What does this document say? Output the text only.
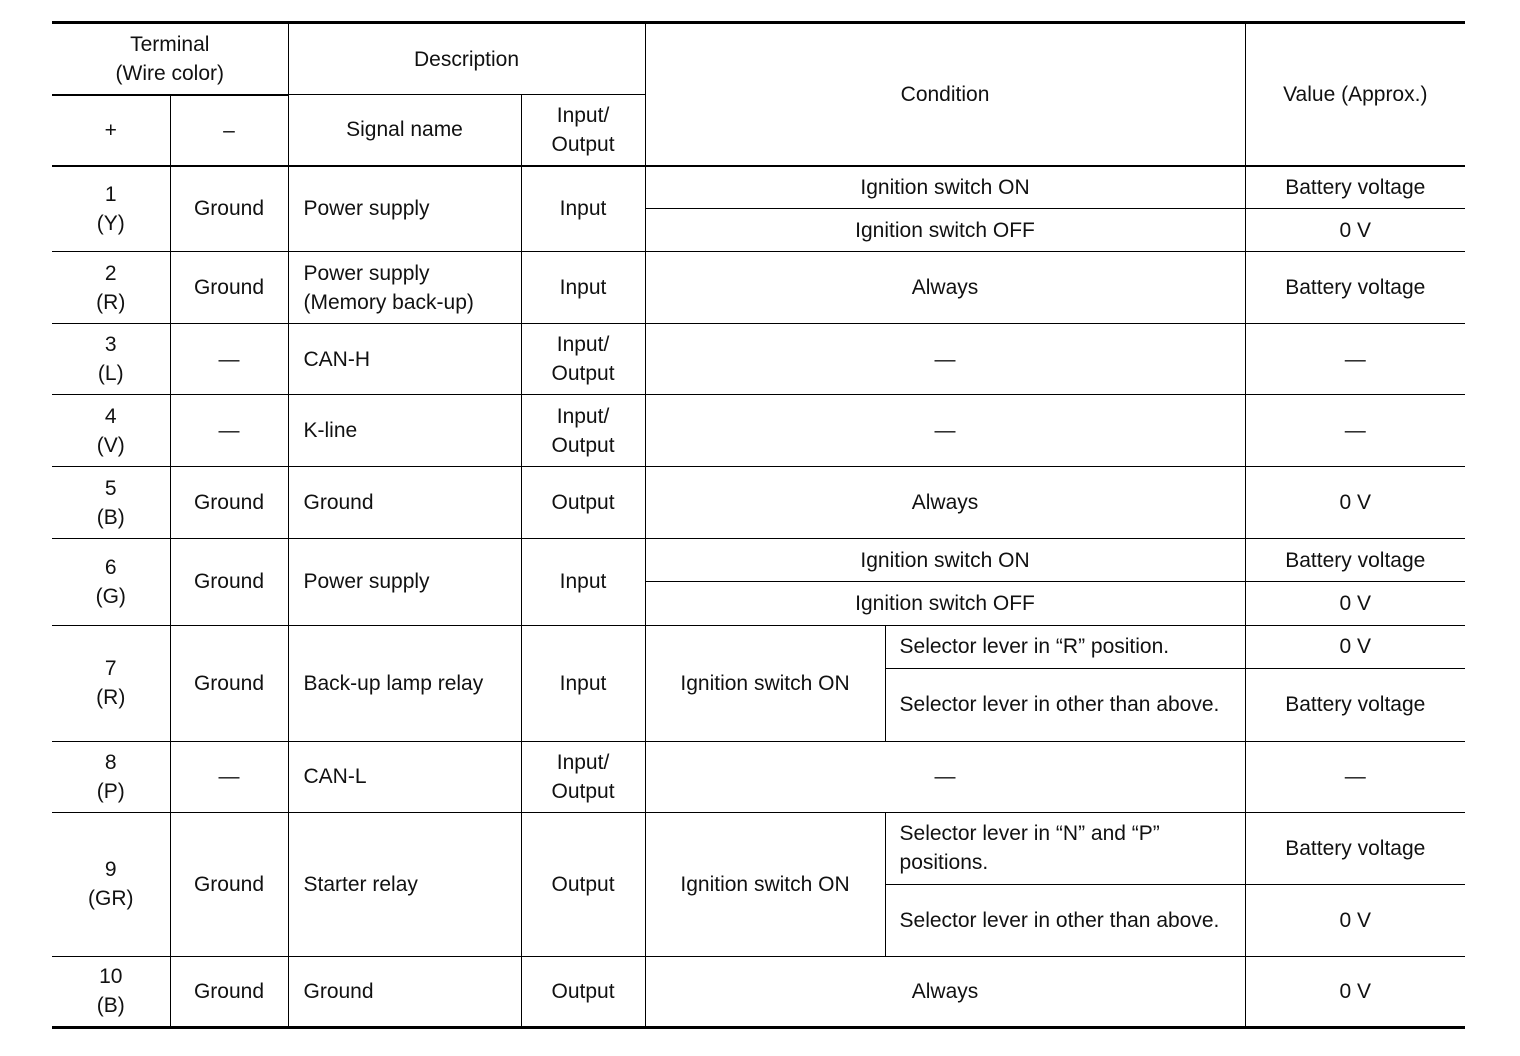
Terminal
(Wire color)		Description		Condition		Value (Approx.)
+	–	Signal name	Input/
Output			
1
(Y)	Ground	Power supply	Input	Ignition switch ON		Battery voltage
				Ignition switch OFF		0 V
2
(R)	Ground	Power supply
(Memory back-up)	Input	Always		Battery voltage
3
(L)	—	CAN-H	Input/
Output	—		—
4
(V)	—	K-line	Input/
Output	—		—
5
(B)	Ground	Ground	Output	Always		0 V
6
(G)	Ground	Power supply	Input	Ignition switch ON		Battery voltage
				Ignition switch OFF		0 V
7
(R)	Ground	Back-up lamp relay	Input	Ignition switch ON	Selector lever in “R” position.	0 V
					Selector lever in other than above.	Battery voltage
8
(P)	—	CAN-L	Input/
Output	—		—
9
(GR)	Ground	Starter relay	Output	Ignition switch ON	Selector lever in “N” and “P” positions.	Battery voltage
					Selector lever in other than above.	0 V
10
(B)	Ground	Ground	Output	Always		0 V
